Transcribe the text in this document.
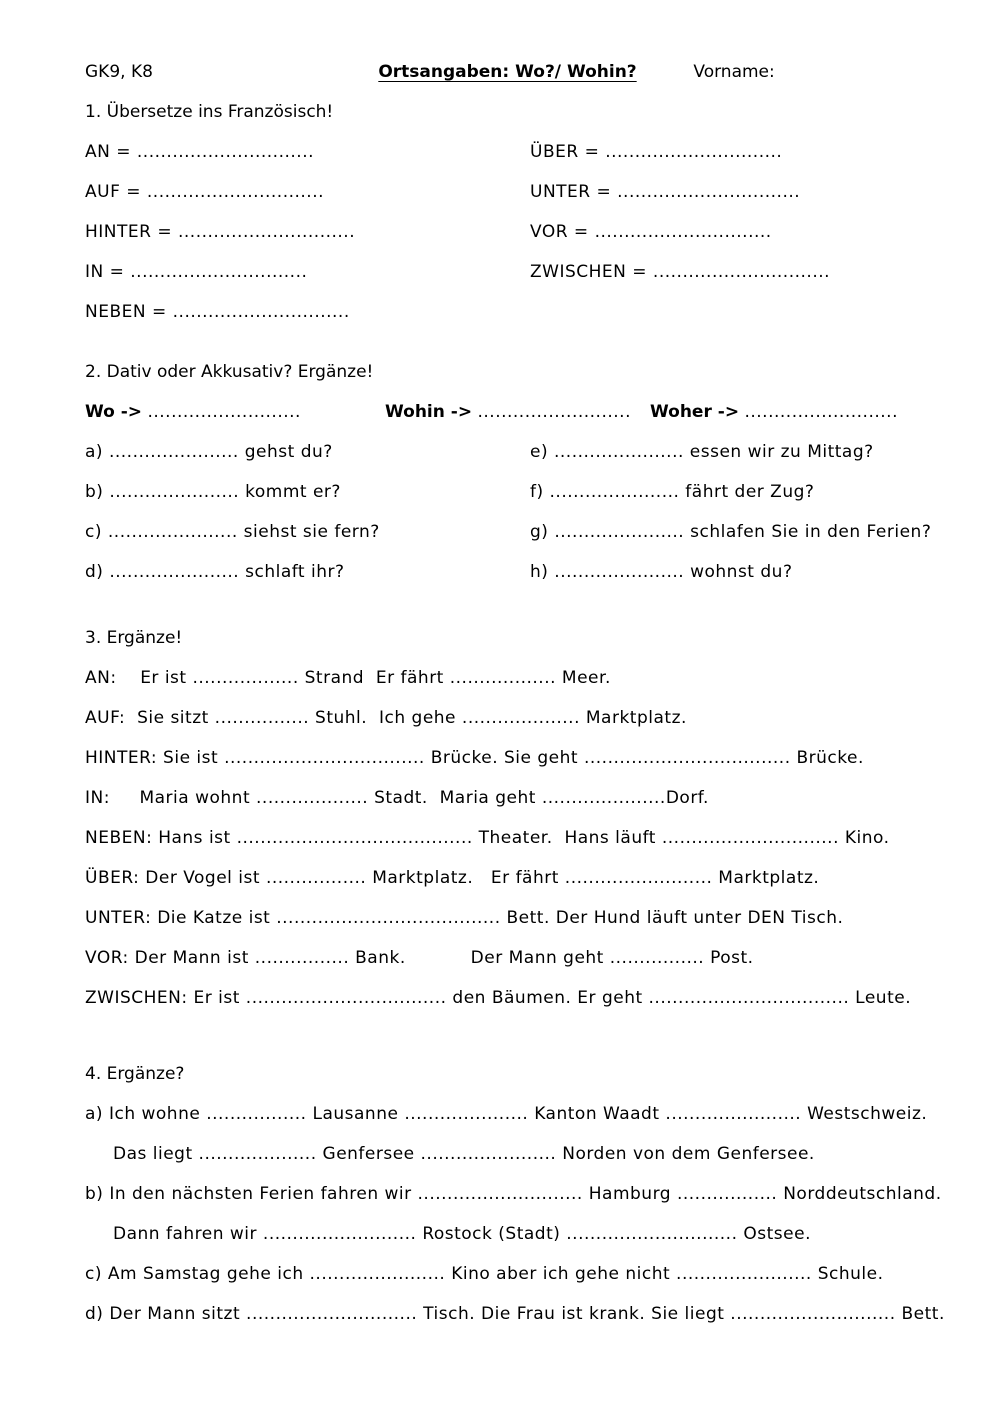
GK9, K8	Ortsangaben: Wo?/ Wohin?	Vorname:
1. Übersetze ins Französisch!
AN = ..............................	ÜBER = ..............................
AUF = ..............................	UNTER = ...............................
HINTER = ..............................	VOR = ..............................
IN = ..............................	ZWISCHEN = ..............................
NEBEN = ..............................
2. Dativ oder Akkusativ? Ergänze!
Wo -> ..........................	Wohin -> ..........................	Woher -> ..........................
a) ...................... gehst du?	e) ...................... essen wir zu Mittag?
b) ...................... kommt er?	f) ...................... fährt der Zug?
c) ...................... siehst sie fern?	g) ...................... schlafen Sie in den Ferien?
d) ...................... schlaft ihr?	h) ...................... wohnst du?
3. Ergänze!
AN:    Er ist .................. Strand  Er fährt .................. Meer.
AUF:  Sie sitzt ................ Stuhl.  Ich gehe .................... Marktplatz.
HINTER: Sie ist .................................. Brücke. Sie geht ................................... Brücke.
IN:     Maria wohnt ................... Stadt.  Maria geht .....................Dorf.
NEBEN: Hans ist ........................................ Theater.  Hans läuft .............................. Kino.
ÜBER: Der Vogel ist ................. Marktplatz.   Er fährt ......................... Marktplatz.
UNTER: Die Katze ist ...................................... Bett. Der Hund läuft unter DEN Tisch.
VOR: Der Mann ist ................ Bank.           Der Mann geht ................ Post.
ZWISCHEN: Er ist .................................. den Bäumen. Er geht .................................. Leute.
4. Ergänze?
a) Ich wohne ................. Lausanne ..................... Kanton Waadt ....................... Westschweiz.
Das liegt .................... Genfersee ....................... Norden von dem Genfersee.
b) In den nächsten Ferien fahren wir ............................ Hamburg ................. Norddeutschland.
Dann fahren wir .......................... Rostock (Stadt) ............................. Ostsee.
c) Am Samstag gehe ich ....................... Kino aber ich gehe nicht ....................... Schule.
d) Der Mann sitzt ............................. Tisch. Die Frau ist krank. Sie liegt ............................ Bett.
